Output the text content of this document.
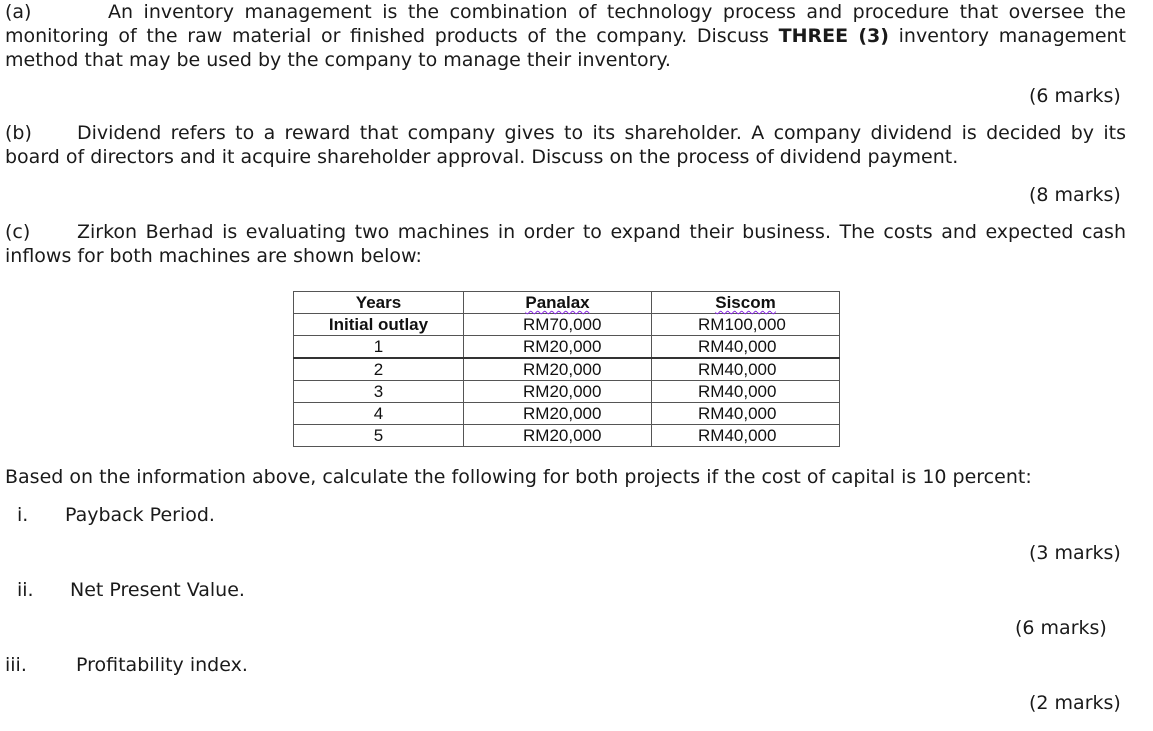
(a)	An inventory management is the combination of technology process and procedure that oversee the monitoring of the raw material or finished products of the company. Discuss THREE (3) inventory management method that may be used by the company to manage their inventory.

(6 marks)

(b) Dividend refers to a reward that company gives to its shareholder. A company dividend is decided by its board of directors and it acquire shareholder approval. Discuss on the process of dividend payment.

(8 marks)

(c) Zirkon Berhad is evaluating two machines in order to expand their business. The costs and expected cash inflows for both machines are shown below:

Years	Panalax	Siscom
Initial outlay	RM70,000	RM100,000
1	RM20,000	RM40,000
2	RM20,000	RM40,000
3	RM20,000	RM40,000
4	RM20,000	RM40,000
5	RM20,000	RM40,000

Based on the information above, calculate the following for both projects if the cost of capital is 10 percent:

i. Payback Period.
(3 marks)
ii. Net Present Value.
(6 marks)
iii.	Profitability index.
(2 marks)
